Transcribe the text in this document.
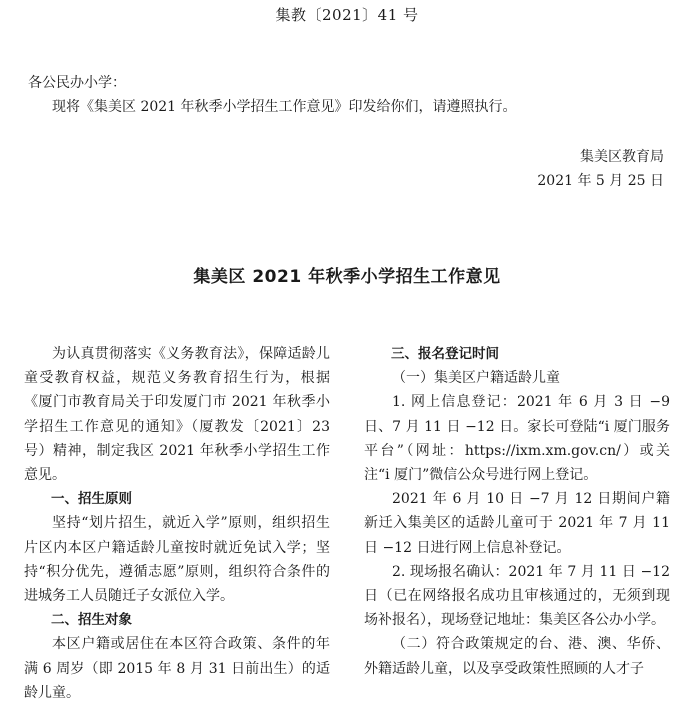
集教〔2021〕41 号
各公民办小学：
现将《集美区 2021 年秋季小学招生工作意见》印发给你们，请遵照执行。
集美区教育局
2021 年 5 月 25 日
集美区 2021 年秋季小学招生工作意见

为认真贯彻落实《义务教育法》，保障适龄儿童受教育权益，规范义务教育招生行为，根据《厦门市教育局关于印发厦门市 2021 年秋季小学招生工作意见的通知》（厦教发〔2021〕23 号）精神，制定我区 2021 年秋季小学招生工作意见。

一、招生原则

坚持“划片招生，就近入学”原则，组织招生片区内本区户籍适龄儿童按时就近免试入学；坚持“积分优先，遵循志愿”原则，组织符合条件的进城务工人员随迁子女派位入学。

二、招生对象

本区户籍或居住在本区符合政策、条件的年满 6 周岁（即 2015 年 8 月 31 日前出生）的适龄儿童。

三、报名登记时间

（一）集美区户籍适龄儿童

1. 网上信息登记：2021 年 6 月 3 日 −9 日、7 月 11 日 −12 日。家长可登陆“i 厦门服务平台”（网址：https://ixm.xm.gov.cn/）或关注“i 厦门”微信公众号进行网上登记。

2021 年 6 月 10 日 −7 月 12 日期间户籍新迁入集美区的适龄儿童可于 2021 年 7 月 11 日 −12 日进行网上信息补登记。

2. 现场报名确认：2021 年 7 月 11 日 −12 日（已在网络报名成功且审核通过的，无须到现场补报名），现场登记地址：集美区各公办小学。

（二）符合政策规定的台、港、澳、华侨、外籍适龄儿童，以及享受政策性照顾的人才子
